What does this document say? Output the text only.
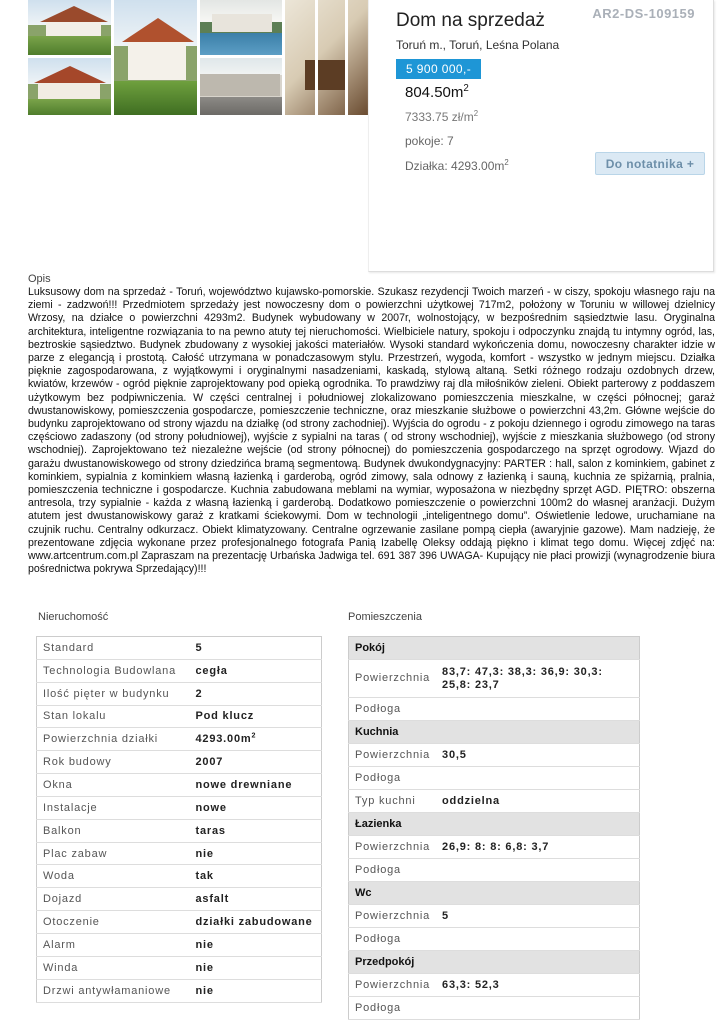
AR2-DS-109159
Dom na sprzedaż
Toruń m., Toruń, Leśna Polana
5 900 000,-
$804.50m^2$
7333.75 $zł/m^2$
pokoje: 7
Działka: $4293.00m^2$	Do notatnika +
Opis
Luksusowy dom na sprzedaż - Toruń, województwo kujawsko-pomorskie. Szukasz rezydencji Twoich marzeń - w ciszy, spokoju własnego raju na ziemi - zadzwoń!!! Przedmiotem sprzedaży jest nowoczesny dom o powierzchni użytkowej 717m2, położony w Toruniu w willowej dzielnicy Wrzosy, na działce o powierzchni 4293m2. Budynek wybudowany w 2007r, wolnostojący, w bezpośrednim sąsiedztwie lasu. Oryginalna architektura, inteligentne rozwiązania to na pewno atuty tej nieruchomości. Wielbiciele natury, spokoju i odpoczynku znajdą tu intymny ogród, las, beztroskie sąsiedztwo. Budynek zbudowany z wysokiej jakości materiałów. Wysoki standard wykończenia domu, nowoczesny charakter idzie w parze z elegancją i prostotą. Całość utrzymana w ponadczasowym stylu. Przestrzeń, wygoda, komfort - wszystko w jednym miejscu. Działka pięknie zagospodarowana, z wyjątkowymi i oryginalnymi nasadzeniami, kaskadą, stylową altaną. Setki różnego rodzaju ozdobnych drzew, kwiatów, krzewów - ogród pięknie zaprojektowany pod opieką ogrodnika. To prawdziwy raj dla miłośników zieleni. Obiekt parterowy z poddaszem użytkowym bez podpiwniczenia. W części centralnej i południowej zlokalizowano pomieszczenia mieszkalne, w części północnej; garaż dwustanowiskowy, pomieszczenia gospodarcze, pomieszczenie techniczne, oraz mieszkanie służbowe o powierzchni 43,2m. Główne wejście do budynku zaprojektowano od strony wjazdu na działkę (od strony zachodniej). Wyjścia do ogrodu - z pokoju dziennego i ogrodu zimowego na taras częściowo zadaszony (od strony południowej), wyjście z sypialni na taras ( od strony wschodniej), wyjście z mieszkania służbowego (od strony wschodniej). Zaprojektowano też niezależne wejście (od strony północnej) do pomieszczenia gospodarczego na sprzęt ogrodowy. Wjazd do garażu dwustanowiskowego od strony dziedzińca bramą segmentową. Budynek dwukondygnacyjny: PARTER : hall, salon z kominkiem, gabinet z kominkiem, sypialnia z kominkiem własną łazienką i garderobą, ogród zimowy, sala odnowy z łazienką i sauną, kuchnia ze spiżarnią, pralnia, pomieszczenia techniczne i gospodarcze. Kuchnia zabudowana meblami na wymiar, wyposażona w niezbędny sprzęt AGD. PIĘTRO: obszerna antresola, trzy sypialnie - każda z własną łazienką i garderobą. Dodatkowo pomieszczenie o powierzchni 100m2 do własnej aranżacji. Dużym atutem jest dwustanowiskowy garaż z kratkami ściekowymi. Dom w technologii „inteligentnego domu”. Oświetlenie ledowe, uruchamiane na czujnik ruchu. Centralny odkurzacz. Obiekt klimatyzowany. Centralne ogrzewanie zasilane pompą ciepła (awaryjnie gazowe). Mam nadzieję, że prezentowane zdjęcia wykonane przez profesjonalnego fotografa Panią Izabellę Oleksy oddają piękno i klimat tego domu. Więcej zdjęć na: www.artcentrum.com.pl Zapraszam na prezentację Urbańska Jadwiga tel. 691 387 396 UWAGA- Kupujący nie płaci prowizji (wynagrodzenie biura pośrednictwa pokrywa Sprzedający)!!!
Nieruchomość
Standard	5
Technologia Budowlana	cegła
Ilość pięter w budynku	2
Stan lokalu	Pod klucz
Powierzchnia działki	$4293.00m^2$
Rok budowy	2007
Okna	nowe drewniane
Instalacje	nowe
Balkon	taras
Plac zabaw	nie
Woda	tak
Dojazd	asfalt
Otoczenie	działki zabudowane
Alarm	nie
Winda	nie
Drzwi antywłamaniowe	nie
Pomieszczenia
Pokój	
Powierzchnia	83,7: 47,3: 38,3: 36,9: 30,3: 25,8: 23,7
Podłoga	
Kuchnia	
Powierzchnia	30,5
Podłoga	
Typ kuchni	oddzielna
Łazienka	
Powierzchnia	26,9: 8: 8: 6,8: 3,7
Podłoga	
Wc	
Powierzchnia	5
Podłoga	
Przedpokój	
Powierzchnia	63,3: 52,3
Podłoga	
